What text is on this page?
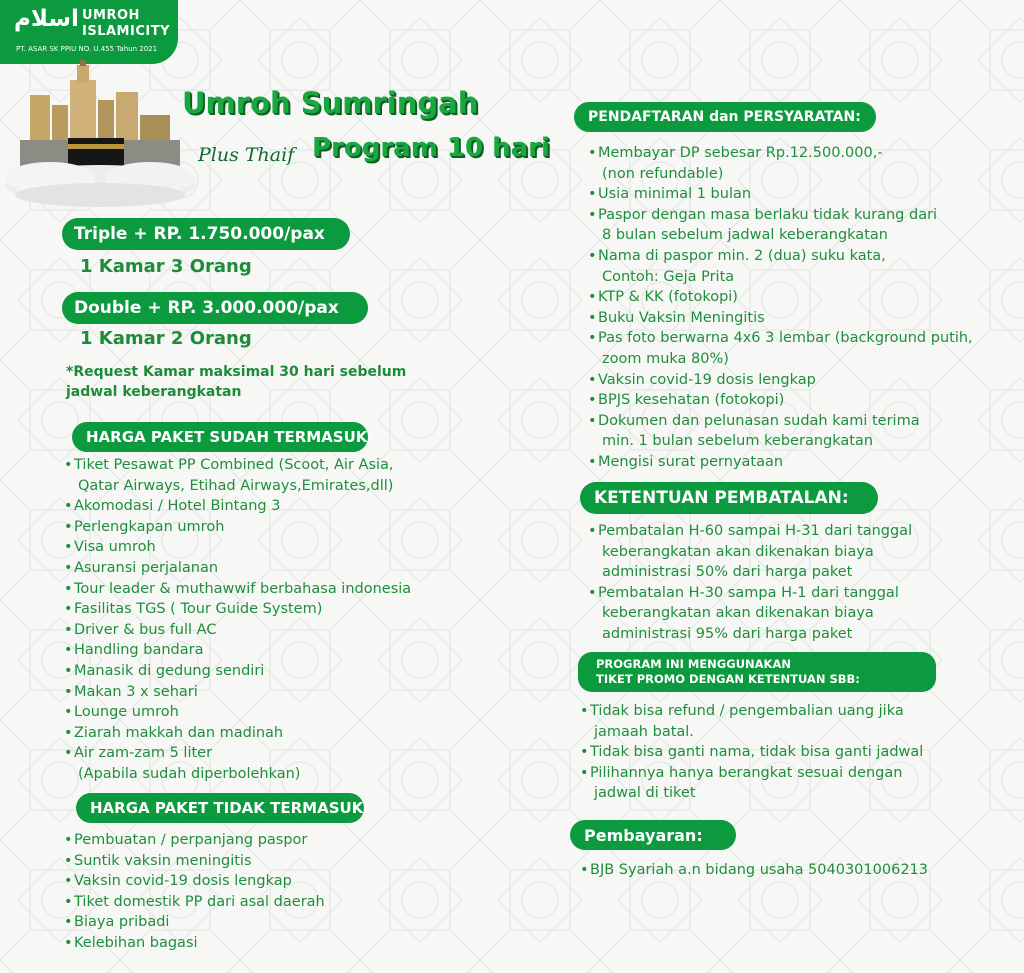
اسلام UMROH
ISLAMICITY
PT. ASAR SK PPIU NO. U.455 Tahun 2021
Umroh Sumringah
Plus Thaif Program 10 hari
Triple + RP. 1.750.000/pax
1 Kamar 3 Orang
Double + RP. 3.000.000/pax
1 Kamar 2 Orang
*Request Kamar maksimal 30 hari sebelum
jadwal keberangkatan
HARGA PAKET SUDAH TERMASUK:
•Tiket Pesawat PP Combined (Scoot, Air Asia,
Qatar Airways, Etihad Airways,Emirates,dll)
•Akomodasi / Hotel Bintang 3
•Perlengkapan umroh
•Visa umroh
•Asuransi perjalanan
•Tour leader & muthawwif berbahasa indonesia
•Fasilitas TGS ( Tour Guide System)
•Driver & bus full AC
•Handling bandara
•Manasik di gedung sendiri
•Makan 3 x sehari
•Lounge umroh
•Ziarah makkah dan madinah
•Air zam-zam 5 liter
(Apabila sudah diperbolehkan)
HARGA PAKET TIDAK TERMASUK:
•Pembuatan / perpanjang paspor
•Suntik vaksin meningitis
•Vaksin covid-19 dosis lengkap
•Tiket domestik PP dari asal daerah
•Biaya pribadi
•Kelebihan bagasi
PENDAFTARAN dan PERSYARATAN:
•Membayar DP sebesar Rp.12.500.000,-
(non refundable)
•Usia minimal 1 bulan
•Paspor dengan masa berlaku tidak kurang dari
8 bulan sebelum jadwal keberangkatan
•Nama di paspor min. 2 (dua) suku kata,
Contoh: Geja Prita
•KTP & KK (fotokopi)
•Buku Vaksin Meningitis
•Pas foto berwarna 4x6 3 lembar (background putih,
zoom muka 80%)
•Vaksin covid-19 dosis lengkap
•BPJS kesehatan (fotokopi)
•Dokumen dan pelunasan sudah kami terima
min. 1 bulan sebelum keberangkatan
•Mengisi surat pernyataan
KETENTUAN PEMBATALAN:
•Pembatalan H-60 sampai H-31 dari tanggal
keberangkatan akan dikenakan biaya
administrasi 50% dari harga paket
•Pembatalan H-30 sampa H-1 dari tanggal
keberangkatan akan dikenakan biaya
administrasi 95% dari harga paket
PROGRAM INI MENGGUNAKAN
TIKET PROMO DENGAN KETENTUAN SBB:
•Tidak bisa refund / pengembalian uang jika
jamaah batal.
•Tidak bisa ganti nama, tidak bisa ganti jadwal
•Pilihannya hanya berangkat sesuai dengan
jadwal di tiket
Pembayaran:
•BJB Syariah a.n bidang usaha 5040301006213
